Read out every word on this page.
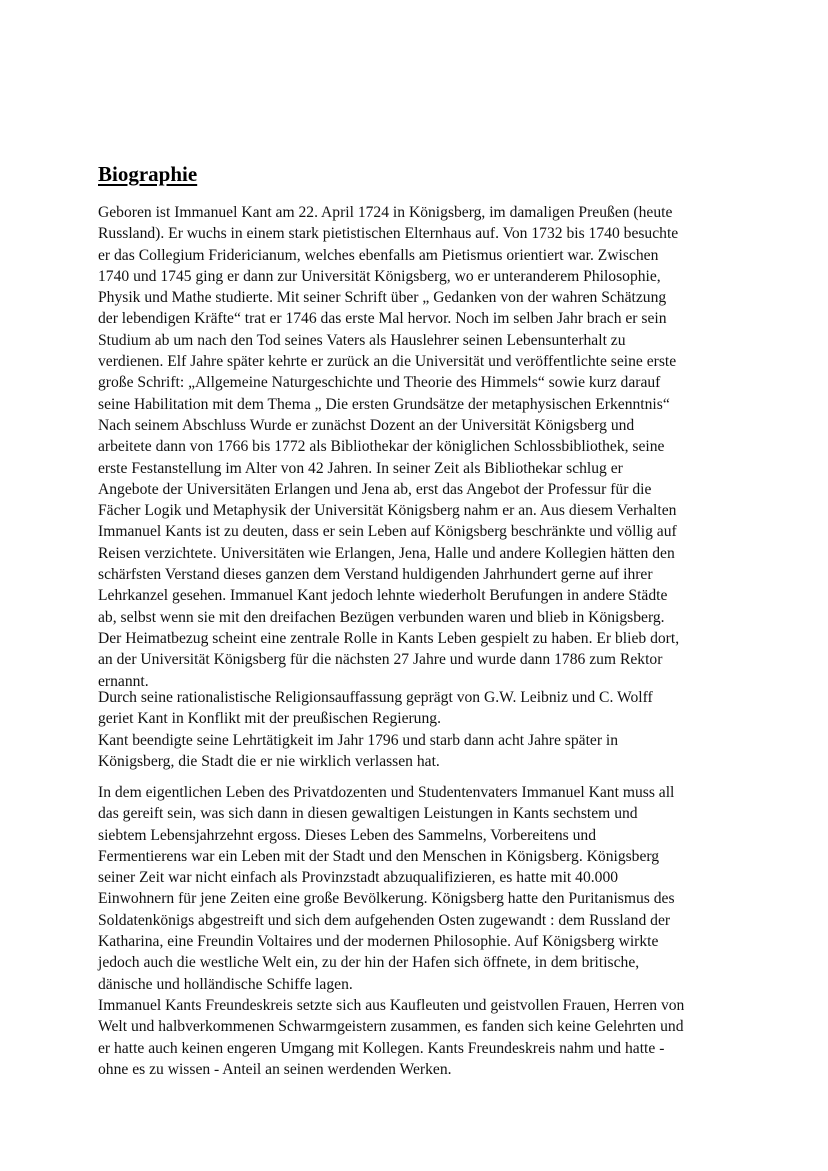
Biographie

Geboren ist Immanuel Kant am 22. April 1724 in Königsberg, im damaligen Preußen (heute
Russland). Er wuchs in einem stark pietistischen Elternhaus auf. Von 1732 bis 1740 besuchte
er das Collegium Fridericianum, welches ebenfalls am Pietismus orientiert war. Zwischen
1740 und 1745 ging er dann zur Universität Königsberg, wo er unteranderem Philosophie,
Physik und Mathe studierte. Mit seiner Schrift über „ Gedanken von der wahren Schätzung
der lebendigen Kräfte“ trat er 1746 das erste Mal hervor. Noch im selben Jahr brach er sein
Studium ab um nach den Tod seines Vaters als Hauslehrer seinen Lebensunterhalt zu
verdienen. Elf Jahre später kehrte er zurück an die Universität und veröffentlichte seine erste
große Schrift: „Allgemeine Naturgeschichte und Theorie des Himmels“ sowie kurz darauf
seine Habilitation mit dem Thema „ Die ersten Grundsätze der metaphysischen Erkenntnis“
Nach seinem Abschluss Wurde er zunächst Dozent an der Universität Königsberg und
arbeitete dann von 1766 bis 1772 als Bibliothekar der königlichen Schlossbibliothek, seine
erste Festanstellung im Alter von 42 Jahren. In seiner Zeit als Bibliothekar schlug er
Angebote der Universitäten Erlangen und Jena ab, erst das Angebot der Professur für die
Fächer Logik und Metaphysik der Universität Königsberg nahm er an. Aus diesem Verhalten
Immanuel Kants ist zu deuten, dass er sein Leben auf Königsberg beschränkte und völlig auf
Reisen verzichtete. Universitäten wie Erlangen, Jena, Halle und andere Kollegien hätten den
schärfsten Verstand dieses ganzen dem Verstand huldigenden Jahrhundert gerne auf ihrer
Lehrkanzel gesehen. Immanuel Kant jedoch lehnte wiederholt Berufungen in andere Städte
ab, selbst wenn sie mit den dreifachen Bezügen verbunden waren und blieb in Königsberg.
Der Heimatbezug scheint eine zentrale Rolle in Kants Leben gespielt zu haben. Er blieb dort,
an der Universität Königsberg für die nächsten 27 Jahre und wurde dann 1786 zum Rektor
ernannt.

Durch seine rationalistische Religionsauffassung geprägt von G.W. Leibniz und C. Wolff
geriet Kant in Konflikt mit der preußischen Regierung.
Kant beendigte seine Lehrtätigkeit im Jahr 1796 und starb dann acht Jahre später in
Königsberg, die Stadt die er nie wirklich verlassen hat.

In dem eigentlichen Leben des Privatdozenten und Studentenvaters Immanuel Kant muss all
das gereift sein, was sich dann in diesen gewaltigen Leistungen in Kants sechstem und
siebtem Lebensjahrzehnt ergoss. Dieses Leben des Sammelns, Vorbereitens und
Fermentierens war ein Leben mit der Stadt und den Menschen in Königsberg. Königsberg
seiner Zeit war nicht einfach als Provinzstadt abzuqualifizieren, es hatte mit 40.000
Einwohnern für jene Zeiten eine große Bevölkerung. Königsberg hatte den Puritanismus des
Soldatenkönigs abgestreift und sich dem aufgehenden Osten zugewandt : dem Russland der
Katharina, eine Freundin Voltaires und der modernen Philosophie. Auf Königsberg wirkte
jedoch auch die westliche Welt ein, zu der hin der Hafen sich öffnete, in dem britische,
dänische und holländische Schiffe lagen.
Immanuel Kants Freundeskreis setzte sich aus Kaufleuten und geistvollen Frauen, Herren von
Welt und halbverkommenen Schwarmgeistern zusammen, es fanden sich keine Gelehrten und
er hatte auch keinen engeren Umgang mit Kollegen. Kants Freundeskreis nahm und hatte -
ohne es zu wissen - Anteil an seinen werdenden Werken.
